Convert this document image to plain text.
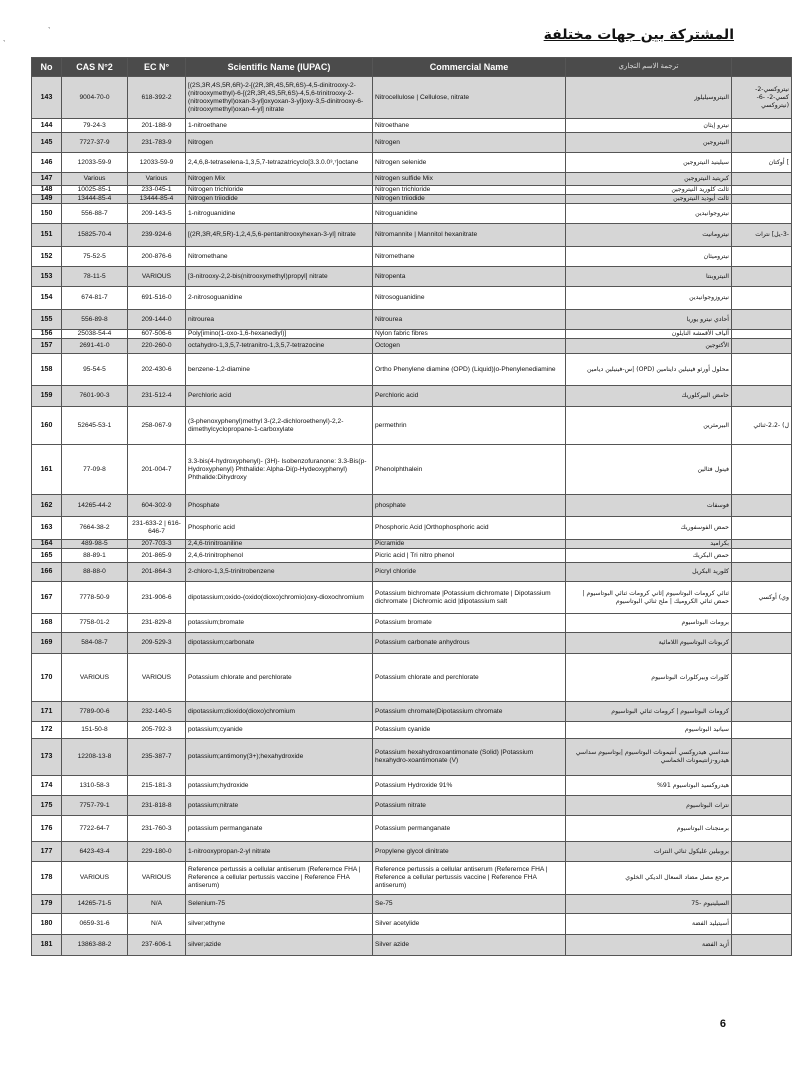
ˎ
ˎ
المشتركة بين جهات مختلفة
No	CAS N°2	EC N°	Scientific Name (IUPAC)	Commercial Name	ترجمة الاسم التجاري	
143	9004-70-0	618-392-2	[(2S,3R,4S,5R,6R)-2-[(2R,3R,4S,5R,6S)-4,5-dinitrooxy-2-(nitrooxymethyl)-6-[(2R,3R,4S,5R,6S)-4,5,6-trinitrooxy-2-(nitrooxymethyl)oxan-3-yl]oxyoxan-3-yl]oxy-3,5-dinitrooxy-6-(nitrooxymethyl)oxan-4-yl] nitrate	Nitrocellulose | Cellulose, nitrate	النيتروسيليلوز	نيتروكسي-2- كسي-2- -6-(نيتروكسي
144	79-24-3	201-188-9	1-nitroethane	Nitroethane	نيترو إيثان	
145	7727-37-9	231-783-9	Nitrogen	Nitrogen	النيتروجين	
146	12033-59-9	12033-59-9	2,4,6,8-tetraselena-1,3,5,7-tetrazatricyclo[3.3.0.0³,⁷]octane	Nitrogen selenide	سيلينيد النيتروجين	] أوكتان
147	Various	Various	Nitrogen Mix	Nitrogen sulfide Mix	كبريتيد النيتروجين	
148	10025-85-1	233-045-1	Nitrogen trichloride	Nitrogen trichloride	ثالث كلوريد النيتروجين	
149	13444-85-4	13444-85-4	Nitrogen triiodide	Nitrogen triiodide	ثالث أيوديد النيتروجين	
150	556-88-7	209-143-5	1-nitroguanidine	Nitroguanidine	نيتروجوانيدين	
151	15825-70-4	239-924-6	[(2R,3R,4R,5R)-1,2,4,5,6-pentanitrooxyhexan-3-yl] nitrate	Nitromannite | Mannitol hexanitrate	نيترومانيت	-3-يل] نترات
152	75-52-5	200-876-6	Nitromethane	Nitromethane	نيتروميثان	
153	78-11-5	VARIOUS	[3-nitrooxy-2,2-bis(nitrooxymethyl)propyl] nitrate	Nitropenta	النيتروبنتا	
154	674-81-7	691-516-0	2-nitrosoguanidine	Nitrosoguanidine	نيتروزوجوانيدين	
155	556-89-8	209-144-0	nitrourea	Nitrourea	أحادي نيترو يوريا	
156	25038-54-4	607-506-6	Poly[imino(1-oxo-1,6-hexanediyl)]	Nylon fabric fibres	ألياف الأقمشة النايلون	
157	2691-41-0	220-260-0	octahydro-1,3,5,7-tetranitro-1,3,5,7-tetrazocine	Octogen	الأكتوجين	
158	95-54-5	202-430-6	benzene-1,2-diamine	Ortho Phenylene diamine (OPD) (Liquid)|o-Phenylenediamine	محلول أورثو فينيلين داينامين (OPD) |س-فينيلين ديامين	
159	7601-90-3	231-512-4	Perchloric acid	Perchloric acid	حامض البيركلوريك	
160	52645-53-1	258-067-9	(3-phenoxyphenyl)methyl 3-(2,2-dichloroethenyl)-2,2-dimethylcyclopropane-1-carboxylate	permethrin	البيرمثرين	ل) -2،2-ثنائي
161	77-09-8	201-004-7	3.3-bis(4-hydroxyphenyl)- (3H)- Isobenzofuranone: 3.3-Bis(p-Hydroxyphenyl) Phthalide: Alpha-Di(p-Hydeoxyphenyl) Phthalide:Dihydroxy	Phenolphthalein	فينول فثالين	
162	14265-44-2	604-302-9	Phosphate	phosphate	فوسفات	
163	7664-38-2	231-633-2 | 616-646-7	Phosphoric acid	Phosphoric Acid |Orthophosphoric acid	حمض الفوسفوريك	
164	489-98-5	207-703-3	2,4,6-trinitroaniline	Picramide	بكراميد	
165	88-89-1	201-865-9	2,4,6-trinitrophenol	Picric acid | Tri nitro phenol	حمض البكريك	
166	88-88-0	201-864-3	2-chloro-1,3,5-trinitrobenzene	Picryl chloride	كلوريد البكريل	
167	7778-50-9	231-906-6	dipotassium;oxido-(oxido(dioxo)chromio)oxy-dioxochromium	Potassium bichromate |Potassium dichromate | Dipotassium dichromate | Dichromic acid |dipotassium salt	ثنائي كرومات البوتاسيوم |ثاني كرومات ثنائي البوتاسيوم | حمض ثنائي الكروميك | ملح ثنائي البوتاسيوم	وي) أوكسي
168	7758-01-2	231-829-8	potassium;bromate	Potassium bromate	برومات البوتاسيوم	
169	584-08-7	209-529-3	dipotassium;carbonate	Potassium carbonate anhydrous	كربونات البوتاسيوم اللامائية	
170	VARIOUS	VARIOUS	Potassium chlorate and perchlorate	Potassium chlorate and perchlorate	كلورات وبيركلورات البوتاسيوم	
171	7789-00-6	232-140-5	dipotassium;dioxido(dioxo)chromium	Potassium chromate|Dipotassium chromate	كرومات البوتاسيوم | كرومات ثنائي البوتاسيوم	
172	151-50-8	205-792-3	potassium;cyanide	Potassium cyanide	سيانيد البوتاسيوم	
173	12208-13-8	235-387-7	potassium;antimony(3+);hexahydroxide	Potassium hexahydroxoantimonate (Solid) |Potassium hexahydro-xoantimonate (V)	سداسي هيدروكسي أنتيمونات البوتاسيوم |بوتاسيوم سداسي هيدرو-زانتيمونات الخماسي	
174	1310-58-3	215-181-3	potassium;hydroxide	Potassium Hydroxide 91%	هيدروكسيد البوتاسيوم 91%	
175	7757-79-1	231-818-8	potassium;nitrate	Potassium nitrate	نترات البوتاسيوم	
176	7722-64-7	231-760-3	potassium permanganate	Potassium permanganate	برمنجنات البوتاسيوم	
177	6423-43-4	229-180-0	1-nitrooxypropan-2-yl nitrate	Propylene glycol dinitrate	بروبيلين غليكول ثنائي النترات	
178	VARIOUS	VARIOUS	Reference pertussis a cellular antiserum (Referernce FHA | Reference a cellular pertussis vaccine | Reference FHA antiserum)	Reference pertussis a cellular antiserum (Referernce FHA | Reference a cellular pertussis vaccine | Reference FHA antiserum)	مرجع مصل مضاد السعال الديكي الخلوي	
179	14265-71-5	N/A	Selenium-75	Se-75	السيلينيوم -75	
180	0659-31-6	N/A	silver;ethyne	Silver acetylide	أسيتيليد الفضة	
181	13863-88-2	237-606-1	silver;azide	Silver azide	أزيد الفضة	
6
